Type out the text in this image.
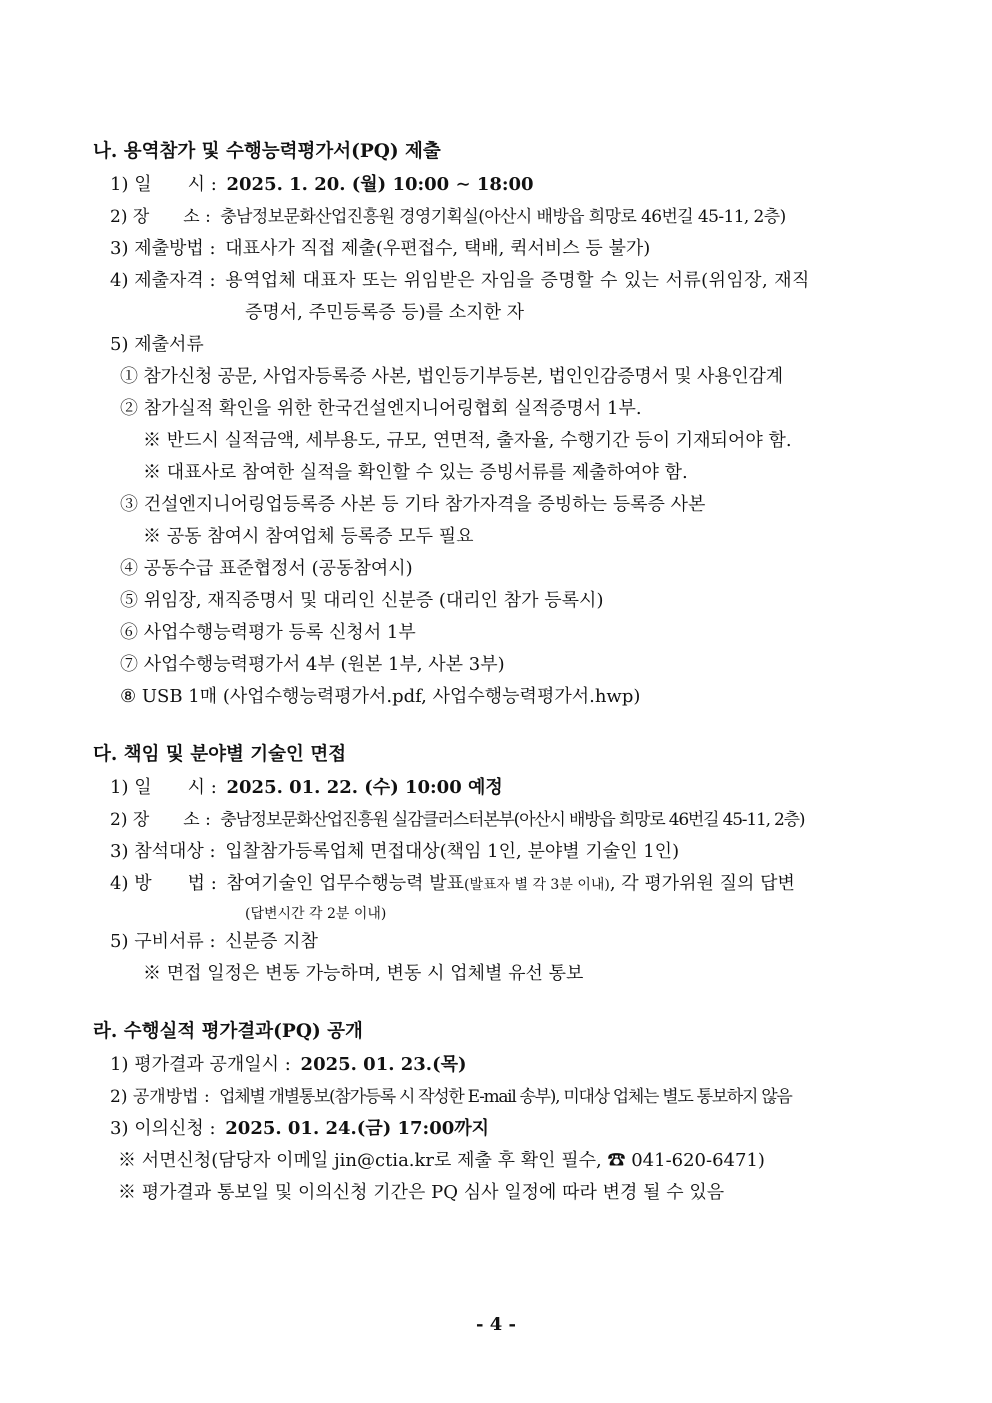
나. 용역참가 및 수행능력평가서(PQ) 제출
1) 일　　시 : 2025. 1. 20. (월) 10:00 ∼ 18:00
2) 장　　소 : 충남정보문화산업진흥원 경영기획실(아산시 배방읍 희망로 46번길 45-11, 2층)
3) 제출방법 : 대표사가 직접 제출(우편접수, 택배, 퀵서비스 등 불가)
4) 제출자격 : 용역업체 대표자 또는 위임받은 자임을 증명할 수 있는 서류(위임장, 재직
증명서, 주민등록증 등)를 소지한 자
5) 제출서류
① 참가신청 공문, 사업자등록증 사본, 법인등기부등본, 법인인감증명서 및 사용인감계
② 참가실적 확인을 위한 한국건설엔지니어링협회 실적증명서 1부.
※ 반드시 실적금액, 세부용도, 규모, 연면적, 출자율, 수행기간 등이 기재되어야 함.
※ 대표사로 참여한 실적을 확인할 수 있는 증빙서류를 제출하여야 함.
③ 건설엔지니어링업등록증 사본 등 기타 참가자격을 증빙하는 등록증 사본
※ 공동 참여시 참여업체 등록증 모두 필요
④ 공동수급 표준협정서 (공동참여시)
⑤ 위임장, 재직증명서 및 대리인 신분증 (대리인 참가 등록시)
⑥ 사업수행능력평가 등록 신청서 1부
⑦ 사업수행능력평가서 4부 (원본 1부, 사본 3부)
⑧ USB 1매 (사업수행능력평가서.pdf, 사업수행능력평가서.hwp)
다. 책임 및 분야별 기술인 면접
1) 일　　시 : 2025. 01. 22. (수) 10:00 예정
2) 장　　소 : 충남정보문화산업진흥원 실감클러스터본부(아산시 배방읍 희망로 46번길 45-11, 2층)
3) 참석대상 : 입찰참가등록업체 면접대상(책임 1인, 분야별 기술인 1인)
4) 방　　법 : 참여기술인 업무수행능력 발표(발표자 별 각 3분 이내), 각 평가위원 질의 답변
(답변시간 각 2분 이내)
5) 구비서류 : 신분증 지참
※ 면접 일정은 변동 가능하며, 변동 시 업체별 유선 통보
라. 수행실적 평가결과(PQ) 공개
1) 평가결과 공개일시 : 2025. 01. 23.(목)
2) 공개방법 : 업체별 개별통보(참가등록 시 작성한 E-mail 송부), 미대상 업체는 별도 통보하지 않음
3) 이의신청 : 2025. 01. 24.(금) 17:00까지
※ 서면신청(담당자 이메일 jin@ctia.kr로 제출 후 확인 필수, ☎ 041-620-6471)
※ 평가결과 통보일 및 이의신청 기간은 PQ 심사 일정에 따라 변경 될 수 있음
- 4 -
